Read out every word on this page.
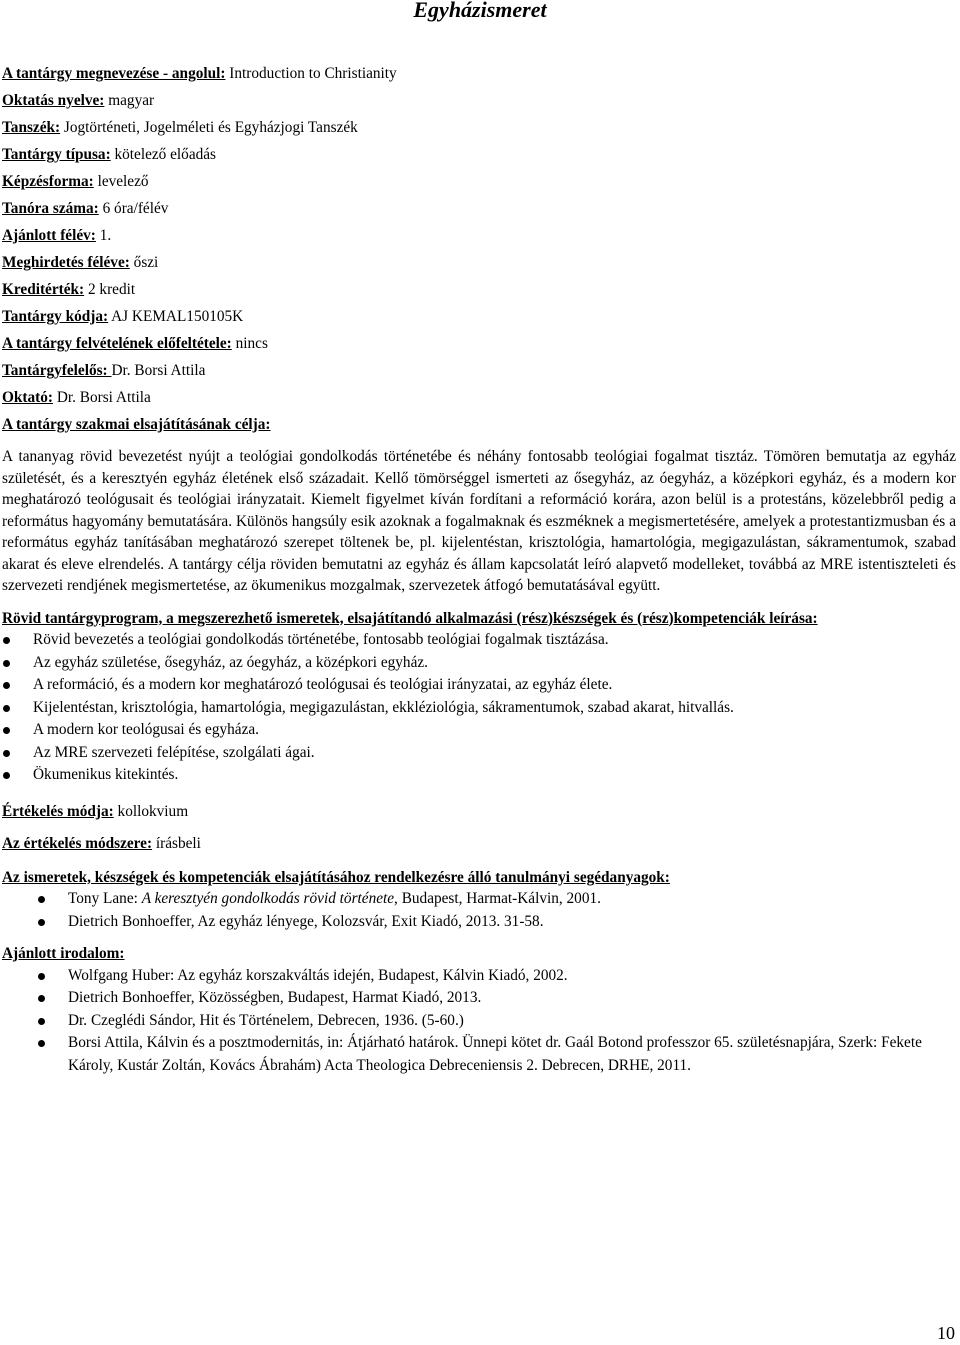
Egyházismeret
A tantárgy megnevezése - angolul: Introduction to Christianity
Oktatás nyelve: magyar
Tanszék: Jogtörténeti, Jogelméleti és Egyházjogi Tanszék
Tantárgy típusa: kötelező előadás
Képzésforma: levelező
Tanóra száma: 6 óra/félév
Ajánlott félév: 1.
Meghirdetés féléve: őszi
Kreditérték: 2 kredit
Tantárgy kódja: AJ KEMAL150105K
A tantárgy felvételének előfeltétele: nincs
Tantárgyfelelős: Dr. Borsi Attila
Oktató: Dr. Borsi Attila
A tantárgy szakmai elsajátításának célja:

A tananyag rövid bevezetést nyújt a teológiai gondolkodás történetébe és néhány fontosabb teológiai fogalmat tisztáz. Tömören bemutatja az egyház születését, és a keresztyén egyház életének első századait. Kellő tömörséggel ismerteti az ősegyház, az óegyház, a középkori egyház, és a modern kor meghatározó teológusait és teológiai irányzatait. Kiemelt figyelmet kíván fordítani a reformáció korára, azon belül is a protestáns, közelebbről pedig a református hagyomány bemutatására. Különös hangsúly esik azoknak a fogalmaknak és eszméknek a megismertetésére, amelyek a protestantizmusban és a református egyház tanításában meghatározó szerepet töltenek be, pl. kijelentéstan, krisztológia, hamartológia, megigazulástan, sákramentumok, szabad akarat és eleve elrendelés. A tantárgy célja röviden bemutatni az egyház és állam kapcsolatát leíró alapvető modelleket, továbbá az MRE istentiszteleti és szervezeti rendjének megismertetése, az ökumenikus mozgalmak, szervezetek átfogó bemutatásával együtt.

Rövid tantárgyprogram, a megszerezhető ismeretek, elsajátítandó alkalmazási (rész)készségek és (rész)kompetenciák leírása:
Rövid bevezetés a teológiai gondolkodás történetébe, fontosabb teológiai fogalmak tisztázása.
Az egyház születése, ősegyház, az óegyház, a középkori egyház.
A reformáció, és a modern kor meghatározó teológusai és teológiai irányzatai, az egyház élete.
Kijelentéstan, krisztológia, hamartológia, megigazulástan, ekkléziológia, sákramentumok, szabad akarat, hitvallás.
A modern kor teológusai és egyháza.
Az MRE szervezeti felépítése, szolgálati ágai.
Ökumenikus kitekintés.
Értékelés módja: kollokvium
Az értékelés módszere: írásbeli
Az ismeretek, készségek és kompetenciák elsajátításához rendelkezésre álló tanulmányi segédanyagok:
Tony Lane: A keresztyén gondolkodás rövid története, Budapest, Harmat-Kálvin, 2001.
Dietrich Bonhoeffer, Az egyház lényege, Kolozsvár, Exit Kiadó, 2013. 31-58.
Ajánlott irodalom:
Wolfgang Huber: Az egyház korszakváltás idején, Budapest, Kálvin Kiadó, 2002.
Dietrich Bonhoeffer, Közösségben, Budapest, Harmat Kiadó, 2013.
Dr. Czeglédi Sándor, Hit és Történelem, Debrecen, 1936. (5-60.)
Borsi Attila, Kálvin és a posztmodernitás, in: Átjárható határok. Ünnepi kötet dr. Gaál Botond professzor 65. születésnapjára, Szerk: Fekete Károly, Kustár Zoltán, Kovács Ábrahám) Acta Theologica Debreceniensis 2. Debrecen, DRHE, 2011.
10
